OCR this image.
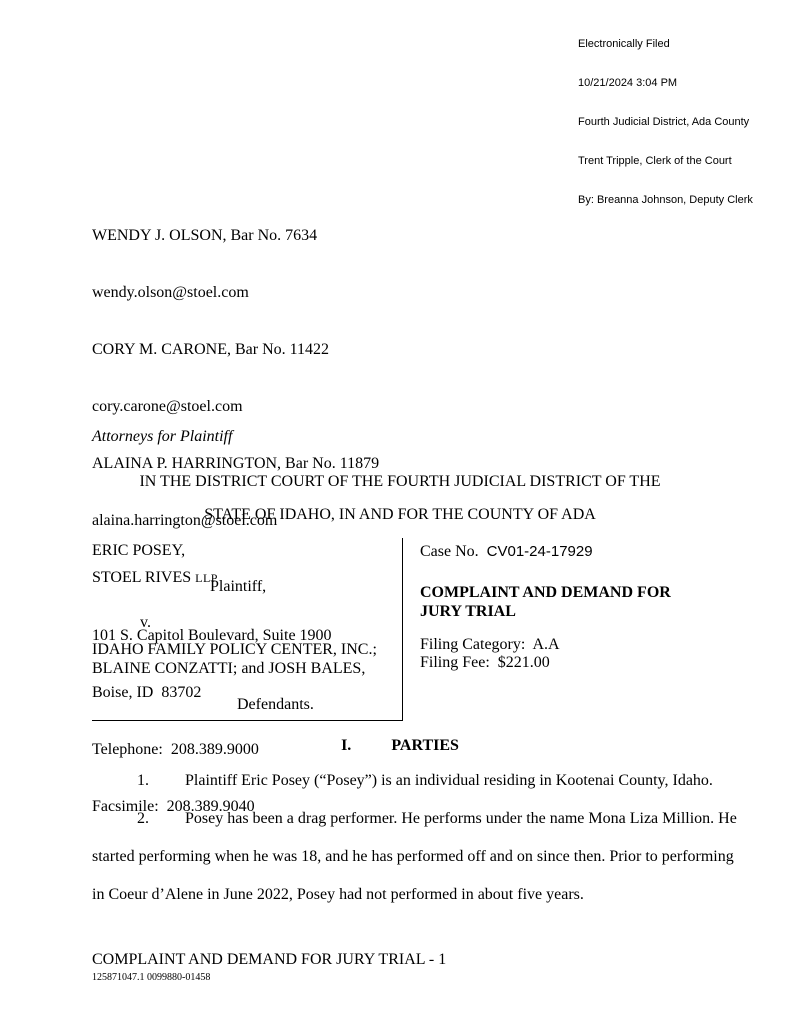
Electronically Filed

10/21/2024 3:04 PM

Fourth Judicial District, Ada County

Trent Tripple, Clerk of the Court

By: Breanna Johnson, Deputy Clerk

WENDY J. OLSON, Bar No. 7634

wendy.olson@stoel.com

CORY M. CARONE, Bar No. 11422

cory.carone@stoel.com

ALAINA P. HARRINGTON, Bar No. 11879

alaina.harrington@stoel.com

STOEL RIVES LLP

101 S. Capitol Boulevard, Suite 1900

Boise, ID  83702

Telephone:  208.389.9000

Facsimile:  208.389.9040

Attorneys for Plaintiff
IN THE DISTRICT COURT OF THE FOURTH JUDICIAL DISTRICT OF THE
STATE OF IDAHO, IN AND FOR THE COUNTY OF ADA
ERIC POSEY,
Plaintiff,
v.
IDAHO FAMILY POLICY CENTER, INC.;
BLAINE CONZATTI; and JOSH BALES,
Defendants.
Case No. CV01-24-17929
COMPLAINT AND DEMAND FOR JURY TRIAL
Filing Category:  A.A
Filing Fee:  $221.00
I.	PARTIES

1. Plaintiff Eric Posey (“Posey”) is an individual residing in Kootenai County, Idaho.

2. Posey has been a drag performer. He performs under the name Mona Liza Million. He started performing when he was 18, and he has performed off and on since then. Prior to performing in Coeur d’Alene in June 2022, Posey had not performed in about five years.

COMPLAINT AND DEMAND FOR JURY TRIAL - 1
125871047.1 0099880-01458
